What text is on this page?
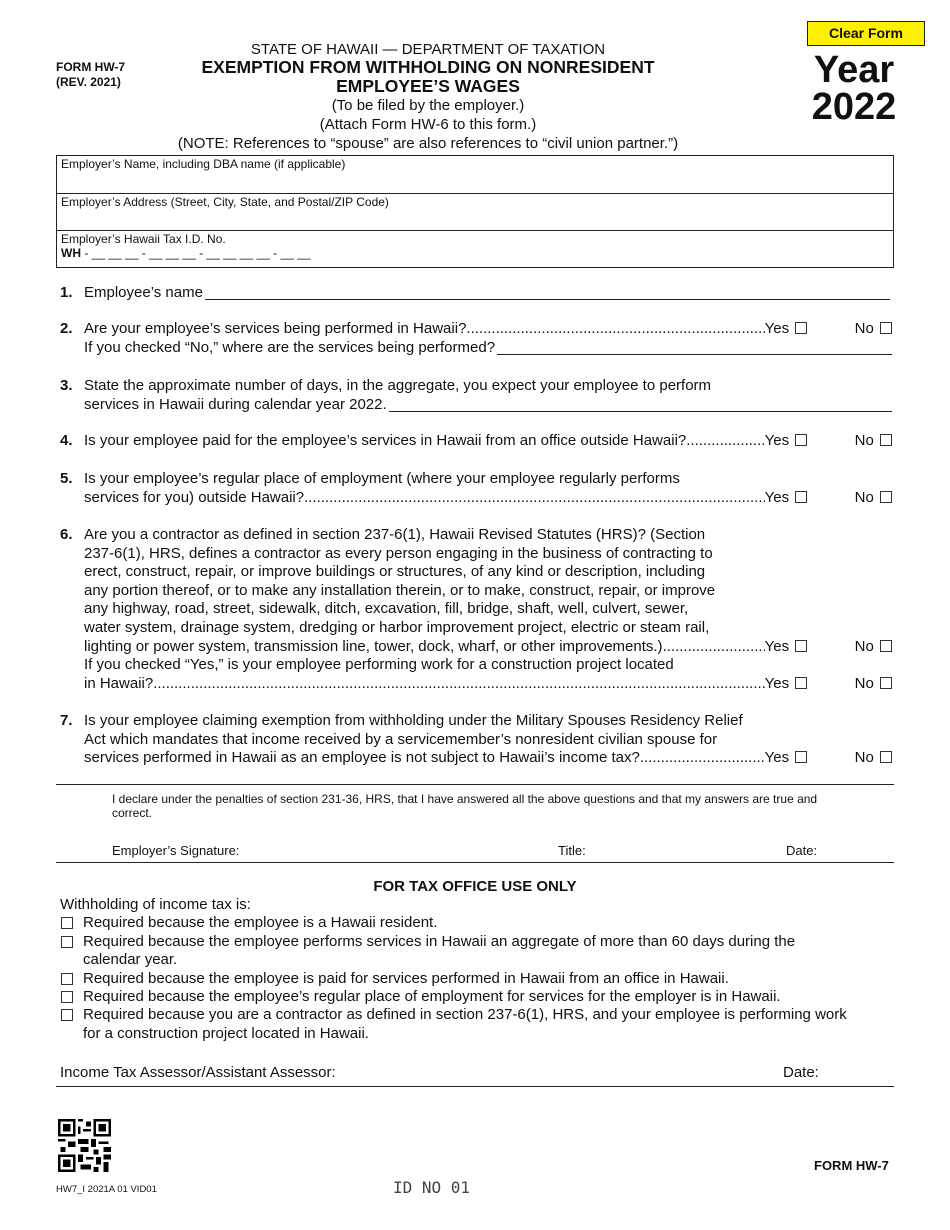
FORM HW-7
(REV. 2021)
STATE OF HAWAII — DEPARTMENT OF TAXATION
EXEMPTION FROM WITHHOLDING ON NONRESIDENT
EMPLOYEE’S WAGES
(To be filed by the employer.)
(Attach Form HW-6 to this form.)
(NOTE: References to “spouse” are also references to “civil union partner.”)
Clear Form
Year
2022
Employer’s Name, including DBA name (if applicable)
Employer’s Address (Street, City, State, and Postal/ZIP Code)
Employer’s Hawaii Tax I.D. No.
WH - __ __ __ - __ __ __ - __ __ __ __ - __ __
1. Employee’s name
2. Are your employee’s services being performed in Hawaii? .....	Yes	No
If you checked “No,” where are the services being performed?
3. State the approximate number of days, in the aggregate, you expect your employee to perform
services in Hawaii during calendar year 2022.
4. Is your employee paid for the employee’s services in Hawaii from an office outside Hawaii? .....	Yes	No
5. Is your employee’s regular place of employment (where your employee regularly performs
services for you) outside Hawaii? .....	Yes	No
6. Are you a contractor as defined in section 237-6(1), Hawaii Revised Statutes (HRS)? (Section
237-6(1), HRS, defines a contractor as every person engaging in the business of contracting to
erect, construct, repair, or improve buildings or structures, of any kind or description, including
any portion thereof, or to make any installation therein, or to make, construct, repair, or improve
any highway, road, street, sidewalk, ditch, excavation, fill, bridge, shaft, well, culvert, sewer,
water system, drainage system, dredging or harbor improvement project, electric or steam rail,
lighting or power system, transmission line, tower, dock, wharf, or other improvements.) .....	Yes	No
If you checked “Yes,” is your employee performing work for a construction project located
in Hawaii? .....	Yes	No
7. Is your employee claiming exemption from withholding under the Military Spouses Residency Relief
Act which mandates that income received by a servicemember’s nonresident civilian spouse for
services performed in Hawaii as an employee is not subject to Hawaii’s income tax? .....	Yes	No
I declare under the penalties of section 231-36, HRS, that I have answered all the above questions and that my answers are true and correct.
Employer’s Signature:	Title:	Date:
FOR TAX OFFICE USE ONLY
Withholding of income tax is:
Required because the employee is a Hawaii resident.
Required because the employee performs services in Hawaii an aggregate of more than 60 days during the calendar year.
Required because the employee is paid for services performed in Hawaii from an office in Hawaii.
Required because the employee’s regular place of employment for services for the employer is in Hawaii.
Required because you are a contractor as defined in section 237-6(1), HRS, and your employee is performing work for a construction project located in Hawaii.
Income Tax Assessor/Assistant Assessor:	Date:
HW7_I 2021A 01 VID01	ID NO 01
FORM HW-7
